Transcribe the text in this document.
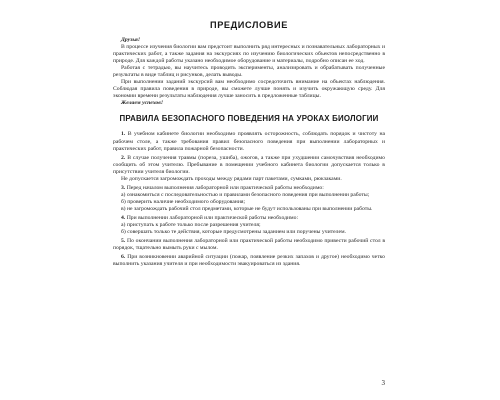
ПРЕДИСЛОВИЕ

Друзья!

В процессе изучения биологии вам предстоит выполнить ряд интересных и познавательных лабораторных и практических работ, а также задания на экскурсиях по изучению биологических объектов непосредственно в природе. Для каждой работы указано необходимое оборудование и материалы, подробно описан ее ход.

Работая с тетрадью, вы научитесь проводить эксперименты, анализировать и обрабатывать полученные результаты в виде таблиц и рисунков, делать выводы.

При выполнении заданий экскурсий вам необходимо сосредоточить внимание на объектах наблюдения. Соблюдая правила поведения в природе, вы сможете лучше понять и изучить окружающую среду. Для экономии времени результаты наблюдения лучше заносить в предложенные таблицы.

Желаем успехов!

ПРАВИЛА БЕЗОПАСНОГО ПОВЕДЕНИЯ НА УРОКАХ БИОЛОГИИ

1. В учебном кабинете биологии необходимо проявлять осторожность, соблюдать порядок и чистоту на рабочем столе, а также требования правил безопасного поведения при выполнении лабораторных и практических работ, правила пожарной безопасности.

2. В случае получения травмы (пореза, ушиба), ожогов, а также при ухудшении самочувствия необходимо сообщить об этом учителю. Пребывание в помещении учебного кабинета биологии допускается только в присутствии учителя биологии.

Не допускается загромождать проходы между рядами парт пакетами, сумками, рюкзаками.

3. Перед началом выполнения лабораторной или практической работы необходимо:

а) ознакомиться с последовательностью и правилами безопасного поведения при выполнении работы;

б) проверить наличие необходимого оборудования;

в) не загромождать рабочий стол предметами, которые не будут использованы при выполнении работы.

4. При выполнении лабораторной или практической работы необходимо:

а) приступать к работе только после разрешения учителя;

б) совершать только те действия, которые предусмотрены заданием или поручены учителем.

5. По окончании выполнения лабораторной или практической работы необходимо привести рабочий стол в порядок, тщательно вымыть руки с мылом.

6. При возникновении аварийной ситуации (пожар, появление резких запахов и другое) необходимо четко выполнить указания учителя и при необходимости эвакуироваться из здания.

3
